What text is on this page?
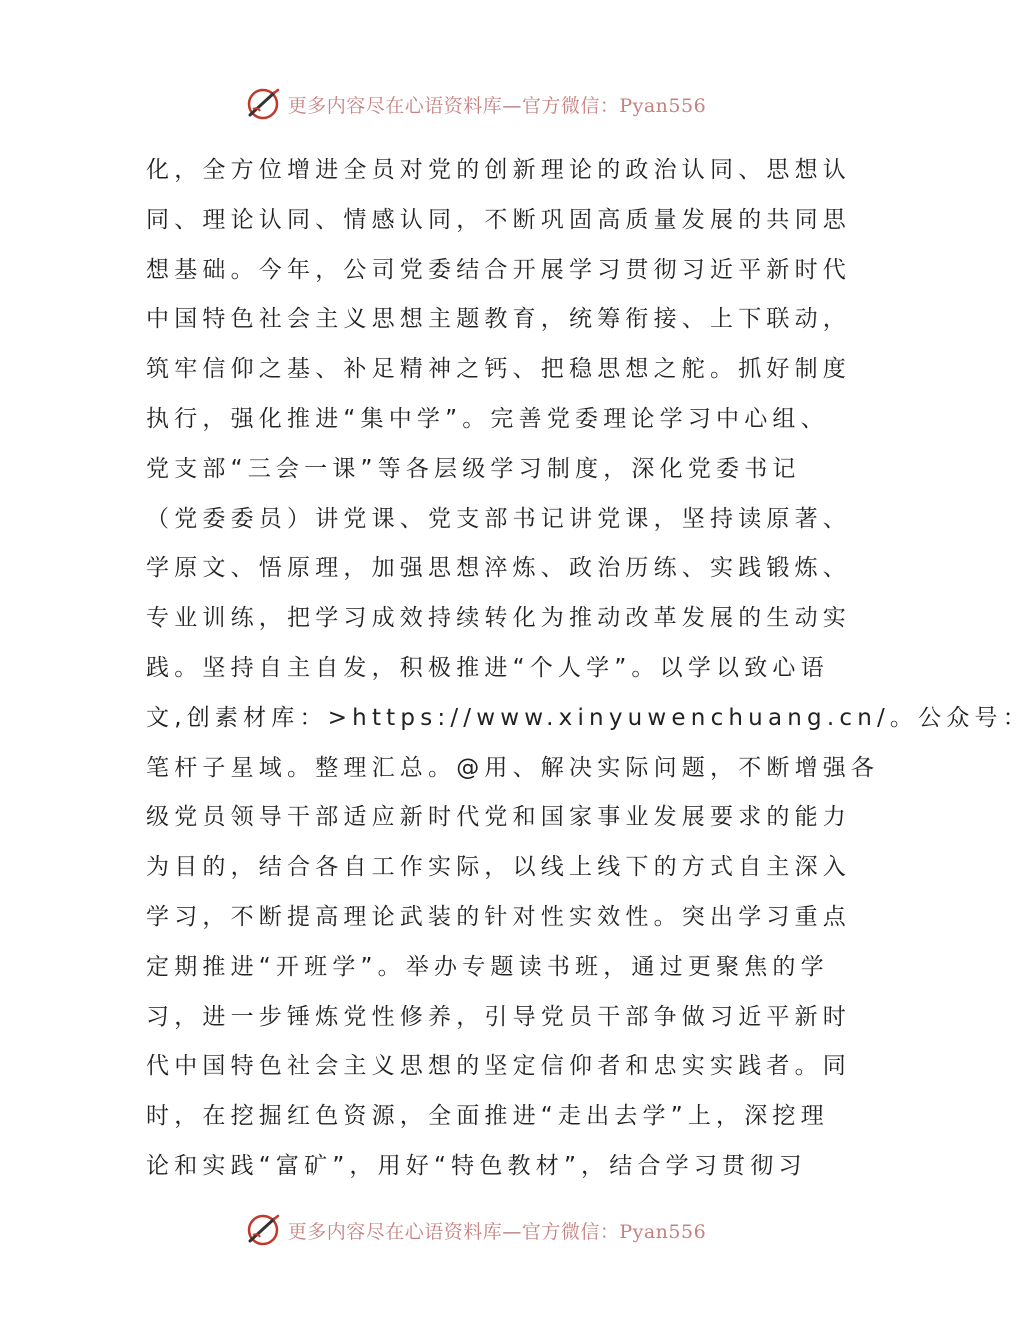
更多内容尽在心语资料库—官方微信：Pyan556
化，全方位增进全员对党的创新理论的政治认同、思想认
同、理论认同、情感认同，不断巩固高质量发展的共同思
想基础。今年，公司党委结合开展学习贯彻习近平新时代
中国特色社会主义思想主题教育，统筹衔接、上下联动，
筑牢信仰之基、补足精神之钙、把稳思想之舵。抓好制度
执行，强化推进“集中学”。完善党委理论学习中心组、
党支部“三会一课”等各层级学习制度，深化党委书记
（党委委员）讲党课、党支部书记讲党课，坚持读原著、
学原文、悟原理，加强思想淬炼、政治历练、实践锻炼、
专业训练，把学习成效持续转化为推动改革发展的生动实
践。坚持自主自发，积极推进“个人学”。以学以致心语
文,创素材库：>https://www.xinyuwenchuang.cn/。公众号：
笔杆子星域。整理汇总。@用、解决实际问题，不断增强各
级党员领导干部适应新时代党和国家事业发展要求的能力
为目的，结合各自工作实际，以线上线下的方式自主深入
学习，不断提高理论武装的针对性实效性。突出学习重点
定期推进“开班学”。举办专题读书班，通过更聚焦的学
习，进一步锤炼党性修养，引导党员干部争做习近平新时
代中国特色社会主义思想的坚定信仰者和忠实实践者。同
时，在挖掘红色资源，全面推进“走出去学”上，深挖理
论和实践“富矿”，用好“特色教材”，结合学习贯彻习
更多内容尽在心语资料库—官方微信：Pyan556
